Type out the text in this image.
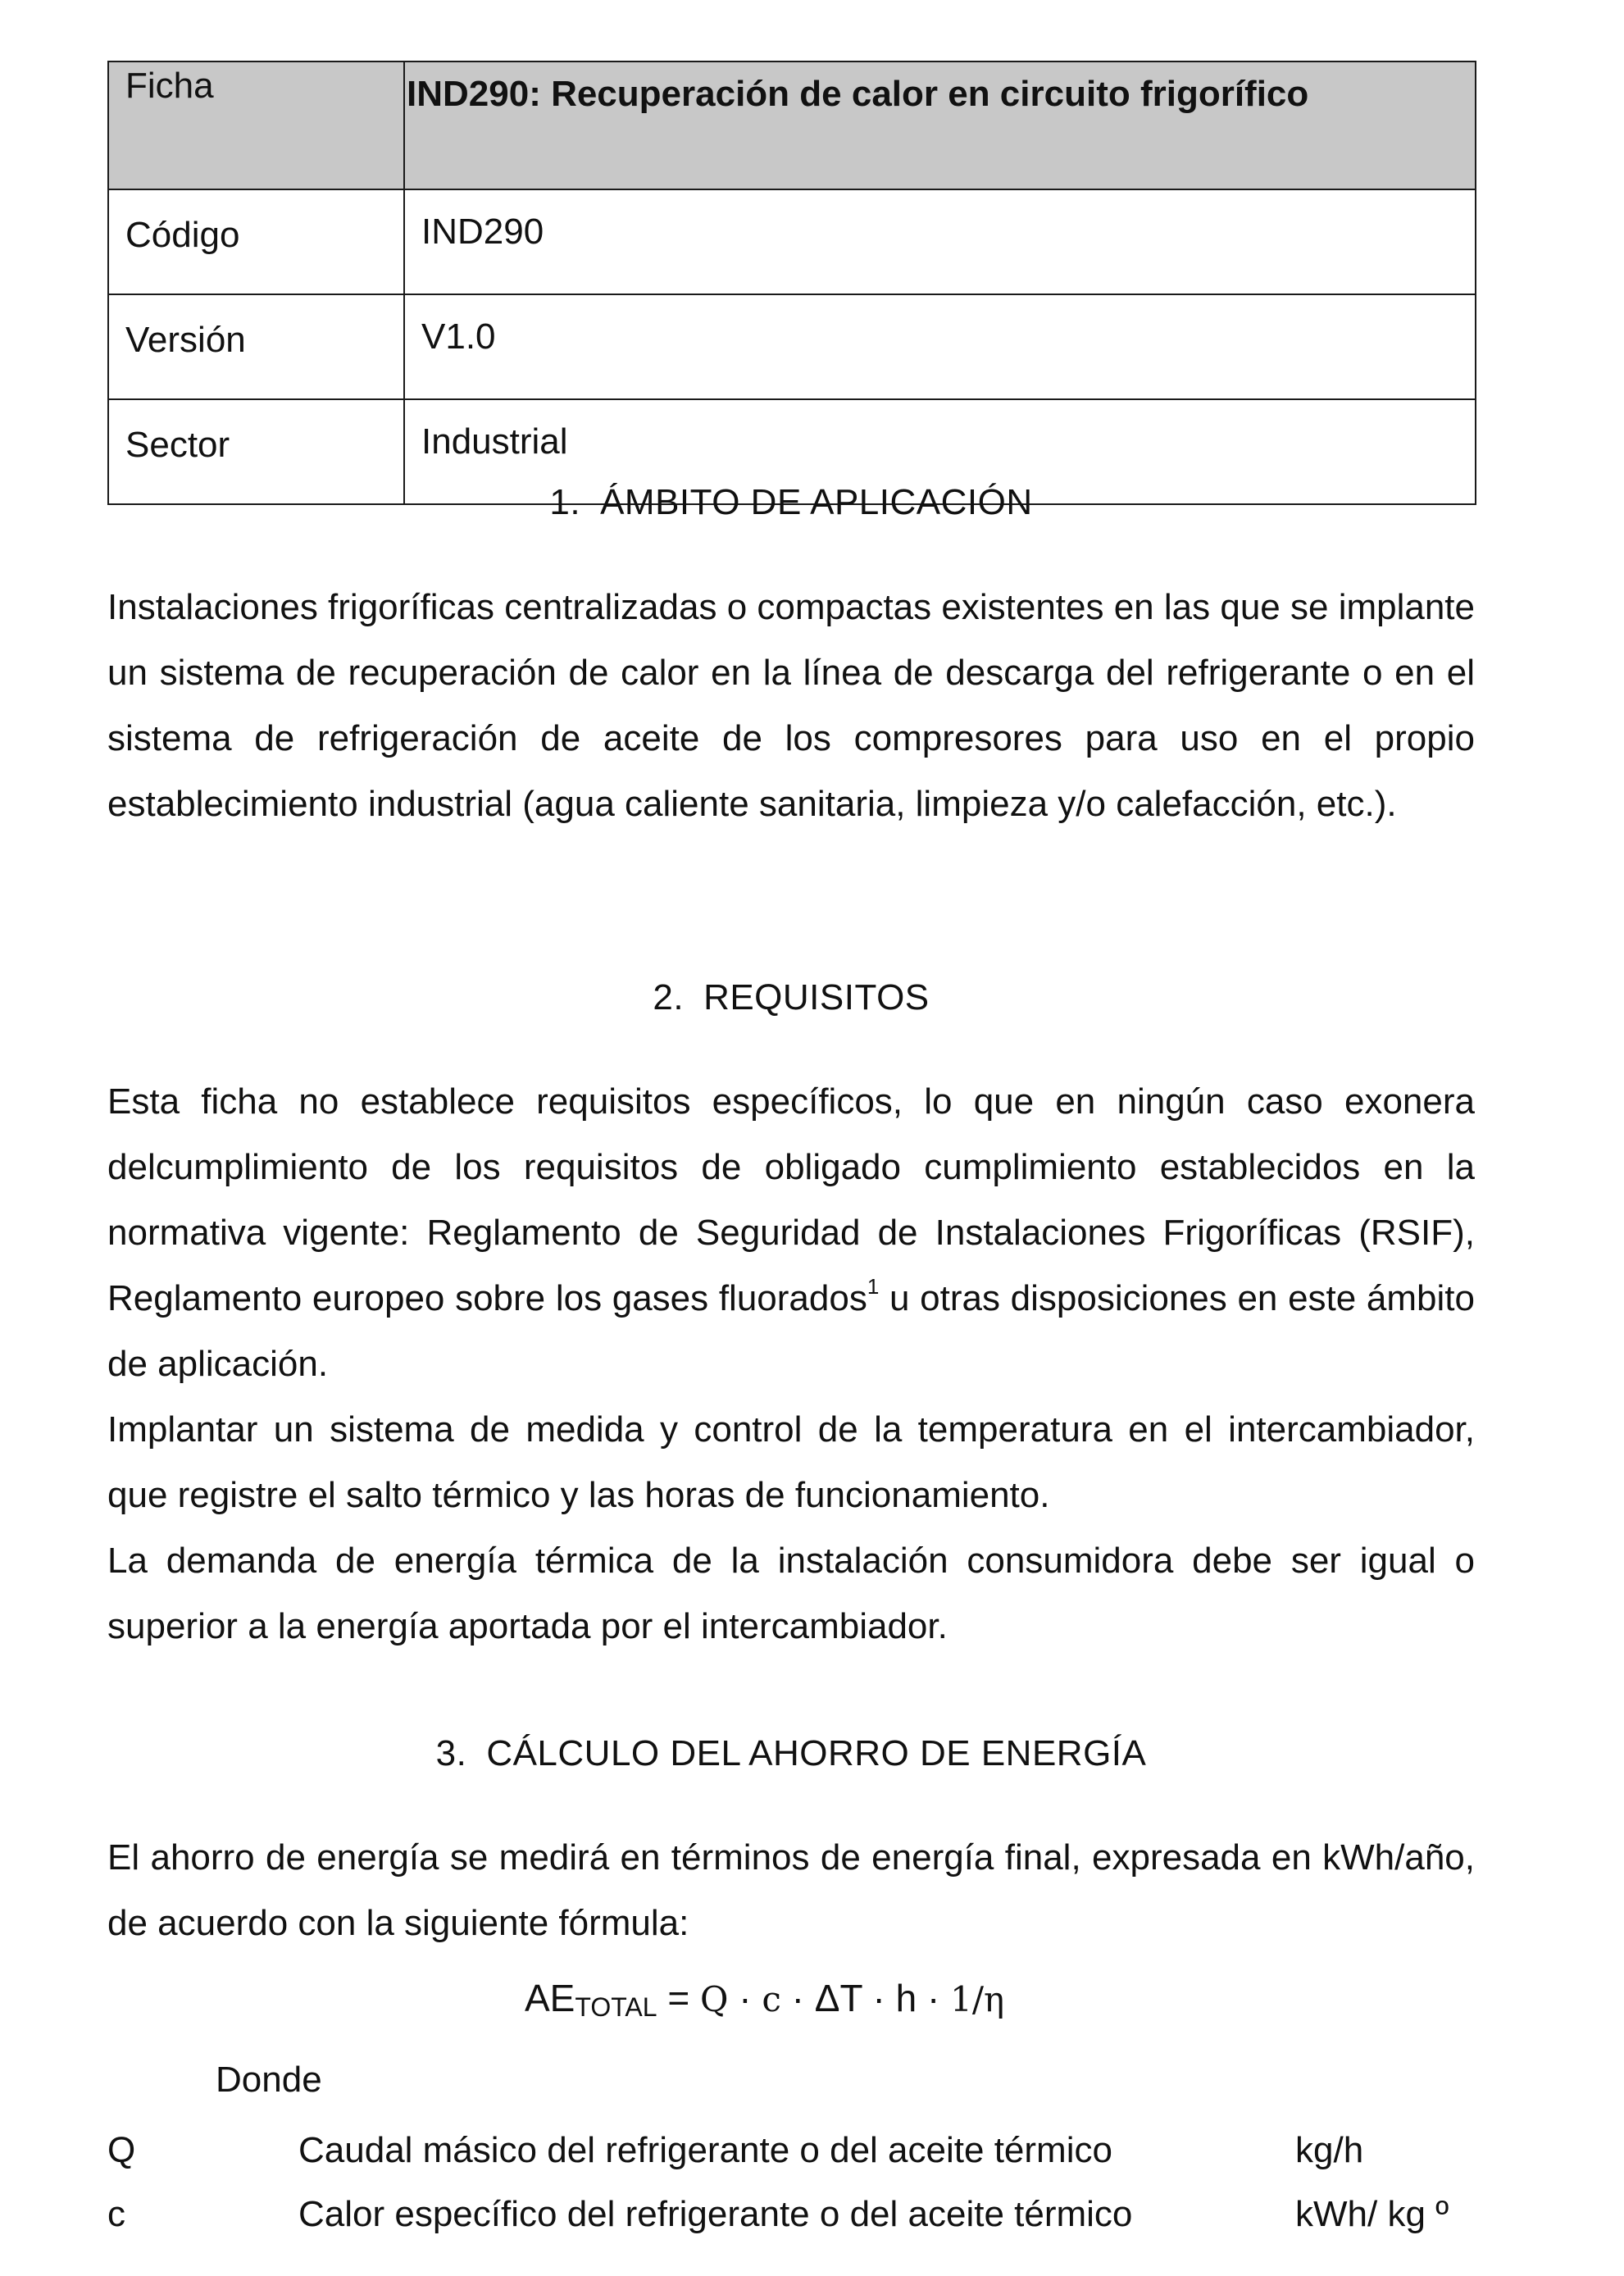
Ficha	IND290: Recuperación de calor en circuito frigorífico
Código	IND290
Versión	V1.0
Sector	Industrial
1. ÁMBITO DE APLICACIÓN

Instalaciones frigoríficas centralizadas o compactas existentes en las que se implante un sistema de recuperación de calor en la línea de descarga del refrigerante o en el sistema de refrigeración de aceite de los compresores para uso en el propio establecimiento industrial (agua caliente sanitaria, limpieza y/o calefacción, etc.).

2. REQUISITOS

Esta ficha no establece requisitos específicos, lo que en ningún caso exonera delcumplimiento de los requisitos de obligado cumplimiento establecidos en la normativa vigente: Reglamento de Seguridad de Instalaciones Frigoríficas (RSIF), Reglamento europeo sobre los gases fluorados$^1$ u otras disposiciones en este ámbito de aplicación.

Implantar un sistema de medida y control de la temperatura en el intercambiador, que registre el salto térmico y las horas de funcionamiento.

La demanda de energía térmica de la instalación consumidora debe ser igual o superior a la energía aportada por el intercambiador.

3. CÁLCULO DEL AHORRO DE ENERGÍA

El ahorro de energía se medirá en términos de energía final, expresada en kWh/año, de acuerdo con la siguiente fórmula:

$AE_{TOTAL} = Q \cdot c \cdot \Delta T \cdot h \cdot 1/\eta$
Donde
Q	Caudal másico del refrigerante o del aceite térmico	kg/h
c	Calor específico del refrigerante o del aceite térmico	kWh/ kg º
